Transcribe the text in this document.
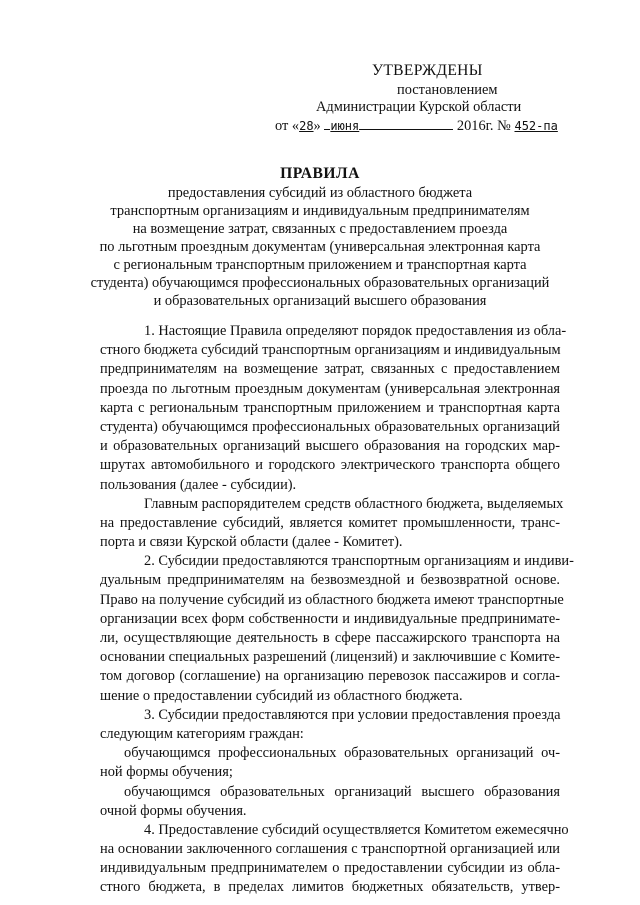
УТВЕРЖДЕНЫ
постановлением
Администрации Курской области
от «28» июня	2016г. № 452-па
ПРАВИЛА
предоставления субсидий из областного бюджета
транспортным организациям и индивидуальным предпринимателям
на возмещение затрат, связанных с предоставлением проезда
по льготным проездным документам (универсальная электронная карта
с региональным транспортным приложением и транспортная карта
студента) обучающимся профессиональных образовательных организаций
и образовательных организаций высшего образования
1. Настоящие Правила определяют порядок предоставления из обла-
стного бюджета субсидий транспортным организациям и индивидуальным
предпринимателям на возмещение затрат, связанных с предоставлением
проезда по льготным проездным документам (универсальная электронная
карта с региональным транспортным приложением и транспортная карта
студента) обучающимся профессиональных образовательных организаций
и образовательных организаций высшего образования на городских мар-
шрутах автомобильного и городского электрического транспорта общего
пользования (далее - субсидии).
Главным распорядителем средств областного бюджета, выделяемых
на предоставление субсидий, является комитет промышленности, транс-
порта и связи Курской области (далее - Комитет).
2. Субсидии предоставляются транспортным организациям и индиви-
дуальным предпринимателям на безвозмездной и безвозвратной основе.
Право на получение субсидий из областного бюджета имеют транспортные
организации всех форм собственности и индивидуальные предпринимате-
ли, осуществляющие деятельность в сфере пассажирского транспорта на
основании специальных разрешений (лицензий) и заключившие с Комите-
том договор (соглашение) на организацию перевозок пассажиров и согла-
шение о предоставлении субсидий из областного бюджета.
3. Субсидии предоставляются при условии предоставления проезда
следующим категориям граждан:
обучающимся профессиональных образовательных организаций оч-
ной формы обучения;
обучающимся образовательных организаций высшего образования
очной формы обучения.
4. Предоставление субсидий осуществляется Комитетом ежемесячно
на основании заключенного соглашения с транспортной организацией или
индивидуальным предпринимателем о предоставлении субсидии из обла-
стного бюджета, в пределах лимитов бюджетных обязательств, утвер-
